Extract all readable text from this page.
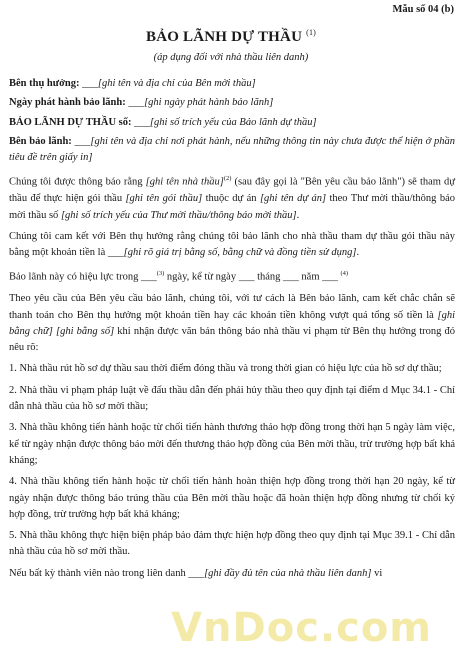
Mẫu số 04 (b)
BẢO LÃNH DỰ THẦU $^{(1)}$
(áp dụng đối với nhà thầu liên danh)

Bên thụ hưởng: ___[ghi tên và địa chỉ của Bên mời thầu]

Ngày phát hành bảo lãnh: ___[ghi ngày phát hành bảo lãnh]

BẢO LÃNH DỰ THẦU số: ___[ghi số trích yếu của Bảo lãnh dự thầu]

Bên bảo lãnh: ___[ghi tên và địa chỉ nơi phát hành, nếu những thông tin này chưa được thể hiện ở phần tiêu đề trên giấy in]

Chúng tôi được thông báo rằng [ghi tên nhà thầu]$^{(2)}$ (sau đây gọi là "Bên yêu cầu bảo lãnh") sẽ tham dự thầu để thực hiện gói thầu [ghi tên gói thầu] thuộc dự án [ghi tên dự án] theo Thư mời thầu/thông báo mời thầu số [ghi số trích yếu của Thư mời thầu/thông báo mời thầu].

Chúng tôi cam kết với Bên thụ hưởng rằng chúng tôi bảo lãnh cho nhà thầu tham dự thầu gói thầu này bằng một khoản tiền là ___[ghi rõ giá trị bằng số, bằng chữ và đồng tiền sử dụng].

Bảo lãnh này có hiệu lực trong ___$^{(3)}$ ngày, kể từ ngày ___ tháng ___ năm ___ $^{(4)}$

Theo yêu cầu của Bên yêu cầu bảo lãnh, chúng tôi, với tư cách là Bên bảo lãnh, cam kết chắc chắn sẽ thanh toán cho Bên thụ hưởng một khoản tiền hay các khoản tiền không vượt quá tổng số tiền là [ghi bằng chữ] [ghi bằng số] khi nhận được văn bản thông báo nhà thầu vi phạm từ Bên thụ hưởng trong đó nêu rõ:

1. Nhà thầu rút hồ sơ dự thầu sau thời điểm đóng thầu và trong thời gian có hiệu lực của hồ sơ dự thầu;

2. Nhà thầu vi phạm pháp luật về đấu thầu dẫn đến phải hủy thầu theo quy định tại điểm d Mục 34.1 - Chỉ dẫn nhà thầu của hồ sơ mời thầu;

3. Nhà thầu không tiến hành hoặc từ chối tiến hành thương thảo hợp đồng trong thời hạn 5 ngày làm việc, kể từ ngày nhận được thông báo mời đến thương thảo hợp đồng của Bên mời thầu, trừ trường hợp bất khả kháng;

4. Nhà thầu không tiến hành hoặc từ chối tiến hành hoàn thiện hợp đồng trong thời hạn 20 ngày, kể từ ngày nhận được thông báo trúng thầu của Bên mời thầu hoặc đã hoàn thiện hợp đồng nhưng từ chối ký hợp đồng, trừ trường hợp bất khả kháng;

5. Nhà thầu không thực hiện biện pháp bảo đảm thực hiện hợp đồng theo quy định tại Mục 39.1 - Chỉ dẫn nhà thầu của hồ sơ mời thầu.

Nếu bất kỳ thành viên nào trong liên danh ___[ghi đầy đủ tên của nhà thầu liên danh] vi

VnDoc.com
